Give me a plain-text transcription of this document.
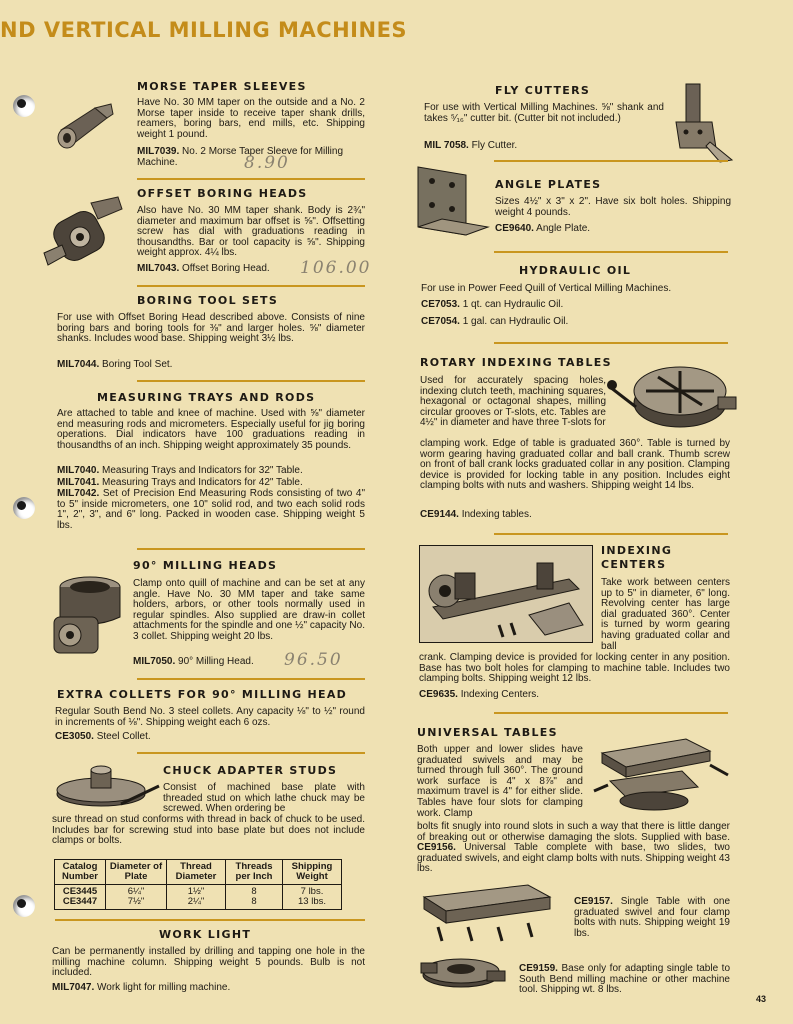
ND VERTICAL MILLING MACHINES
MORSE TAPER SLEEVES
Have No. 30 MM taper on the outside and a No. 2 Morse taper inside to receive taper shank drills, reamers, boring bars, end mills, etc. Shipping weight 1 pound.
MIL7039. No. 2 Morse Taper Sleeve for Milling Machine.	8.90
OFFSET BORING HEADS
Also have No. 30 MM taper shank. Body is 2¾" diameter and maximum bar offset is ⅝". Offsetting screw has dial with graduations reading in thousandths. Bar or tool capacity is ⅝". Shipping weight approx. 4¼ lbs.
MIL7043. Offset Boring Head. 106.00
BORING TOOL SETS
For use with Offset Boring Head described above. Consists of nine boring bars and boring tools for ⅜" and larger holes. ⅝" diameter shanks. Includes wood base. Shipping weight 3½ lbs.
MIL7044. Boring Tool Set.
MEASURING TRAYS AND RODS
Are attached to table and knee of machine. Used with ⅝" diameter end measuring rods and micrometers. Especially useful for jig boring operations. Dial indicators have 100 graduations reading in thousandths of an inch. Shipping weight approximately 35 pounds.
MIL7040. Measuring Trays and Indicators for 32" Table.
MIL7041. Measuring Trays and Indicators for 42" Table.
MIL7042. Set of Precision End Measuring Rods consisting of two 4" to 5" inside micrometers, one 10" solid rod, and two each solid rods 1", 2", 3", and 6" long. Packed in wooden case. Shipping weight 5 lbs.
90° MILLING HEADS
Clamp onto quill of machine and can be set at any angle. Have No. 30 MM taper and take same holders, arbors, or other tools normally used in regular spindles. Also supplied are draw-in collet attachments for the spindle and one ½" capacity No. 3 collet. Shipping weight 20 lbs.
MIL7050. 90° Milling Head. 96.50
EXTRA COLLETS FOR 90° MILLING HEAD
Regular South Bend No. 3 steel collets. Any capacity ⅛" to ½" round in increments of ⅛". Shipping weight each 6 ozs.
CE3050. Steel Collet.
CHUCK ADAPTER STUDS
Consist of machined base plate with threaded stud on which lathe chuck may be screwed. When ordering be
sure thread on stud conforms with thread in back of chuck to be used. Includes bar for screwing stud into base plate but does not include clamps or bolts.
Catalog Number	Diameter of Plate	Thread Diameter	Threads per Inch	Shipping Weight
CE3445	6¼"	1½"	8	7 lbs.
CE3447	7½"	2¼"	8	13 lbs.
WORK LIGHT
Can be permanently installed by drilling and tapping one hole in the milling machine column. Shipping weight 5 pounds. Bulb is not included.
MIL7047. Work light for milling machine.
FLY CUTTERS
For use with Vertical Milling Machines. ⅝" shank and takes ⁵⁄₁₆" cutter bit. (Cutter bit not included.)
MIL 7058. Fly Cutter.
ANGLE PLATES
Sizes 4½" x 3" x 2". Have six bolt holes. Shipping weight 4 pounds.
CE9640. Angle Plate.
HYDRAULIC OIL
For use in Power Feed Quill of Vertical Milling Machines.
CE7053. 1 qt. can Hydraulic Oil.
CE7054. 1 gal. can Hydraulic Oil.
ROTARY INDEXING TABLES
Used for accurately spacing holes, indexing clutch teeth, machining squares, hexagonal or octagonal shapes, milling circular grooves or T-slots, etc. Tables are 4½" in diameter and have three T-slots for
clamping work. Edge of table is graduated 360°. Table is turned by worm gearing having graduated collar and ball crank. Thumb screw on front of ball crank locks graduated collar in any position. Clamping device is provided for locking table in any position. Includes eight clamping bolts with nuts and washers. Shipping weight 14 lbs.
CE9144. Indexing tables.
INDEXING
CENTERS
Take work between centers up to 5" in diameter, 6" long. Revolving center has large dial graduated 360°. Center is turned by worm gearing having graduated collar and ball
crank. Clamping device is provided for locking center in any position. Base has two bolt holes for clamping to machine table. Includes two clamping bolts. Shipping weight 12 lbs.
CE9635. Indexing Centers.
UNIVERSAL TABLES
Both upper and lower slides have graduated swivels and may be turned through full 360°. The ground work surface is 4" x 8⅞" and maximum travel is 4" for either slide. Tables have four slots for clamping work. Clamp
bolts fit snugly into round slots in such a way that there is little danger of breaking out or otherwise damaging the slots. Supplied with base. CE9156. Universal Table complete with base, two slides, two graduated swivels, and eight clamp bolts with nuts. Shipping weight 43 lbs.
CE9157. Single Table with one graduated swivel and four clamp bolts with nuts. Shipping weight 19 lbs.
CE9159. Base only for adapting single table to South Bend milling machine or other machine tool. Shipping wt. 8 lbs.
43
